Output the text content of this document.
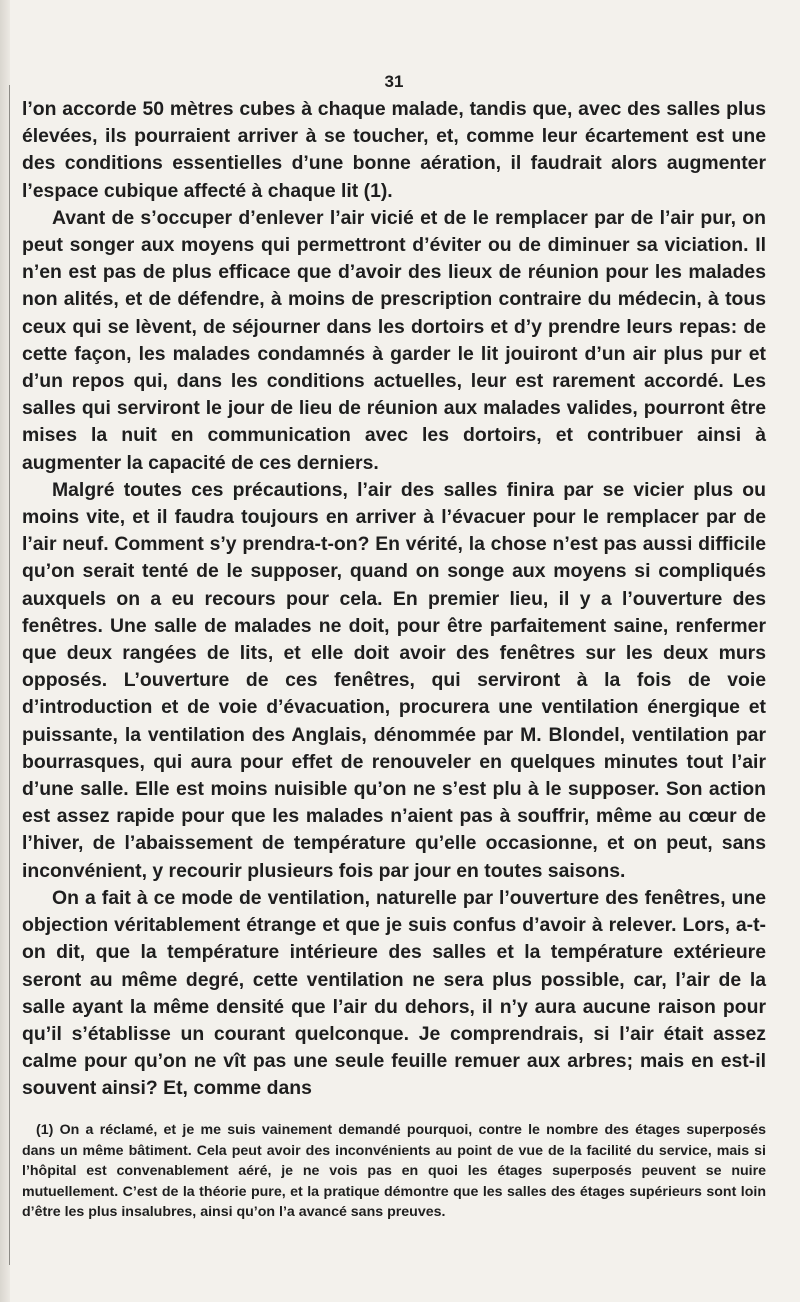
31

l’on accorde 50 mètres cubes à chaque malade, tandis que, avec des salles plus élevées, ils pourraient arriver à se toucher, et, comme leur écartement est une des conditions essentielles d’une bonne aération, il faudrait alors augmenter l’espace cubique affecté à chaque lit (1).

Avant de s’occuper d’enlever l’air vicié et de le remplacer par de l’air pur, on peut songer aux moyens qui permettront d’éviter ou de diminuer sa viciation. Il n’en est pas de plus efficace que d’avoir des lieux de réunion pour les malades non alités, et de défendre, à moins de prescription contraire du médecin, à tous ceux qui se lèvent, de séjourner dans les dortoirs et d’y prendre leurs repas: de cette façon, les malades condamnés à garder le lit jouiront d’un air plus pur et d’un repos qui, dans les conditions actuelles, leur est rarement accordé. Les salles qui serviront le jour de lieu de réunion aux malades valides, pourront être mises la nuit en communication avec les dortoirs, et contribuer ainsi à augmenter la capacité de ces derniers.

Malgré toutes ces précautions, l’air des salles finira par se vicier plus ou moins vite, et il faudra toujours en arriver à l’évacuer pour le remplacer par de l’air neuf. Comment s’y prendra-t-on? En vérité, la chose n’est pas aussi difficile qu’on serait tenté de le supposer, quand on songe aux moyens si compliqués auxquels on a eu recours pour cela. En premier lieu, il y a l’ouverture des fenêtres. Une salle de malades ne doit, pour être parfaitement saine, renfermer que deux rangées de lits, et elle doit avoir des fenêtres sur les deux murs opposés. L’ouverture de ces fenêtres, qui serviront à la fois de voie d’introduction et de voie d’évacuation, procurera une ventilation énergique et puissante, la ventilation des Anglais, dénommée par M. Blondel, ventilation par bourrasques, qui aura pour effet de renouveler en quelques minutes tout l’air d’une salle. Elle est moins nuisible qu’on ne s’est plu à le supposer. Son action est assez rapide pour que les malades n’aient pas à souffrir, même au cœur de l’hiver, de l’abaissement de température qu’elle occasionne, et on peut, sans inconvénient, y recourir plusieurs fois par jour en toutes saisons.

On a fait à ce mode de ventilation, naturelle par l’ouverture des fenêtres, une objection véritablement étrange et que je suis confus d’avoir à relever. Lors, a-t-on dit, que la température intérieure des salles et la température extérieure seront au même degré, cette ventilation ne sera plus possible, car, l’air de la salle ayant la même densité que l’air du dehors, il n’y aura aucune raison pour qu’il s’établisse un courant quelconque. Je comprendrais, si l’air était assez calme pour qu’on ne vît pas une seule feuille remuer aux arbres; mais en est-il souvent ainsi? Et, comme dans

(1) On a réclamé, et je me suis vainement demandé pourquoi, contre le nombre des étages superposés dans un même bâtiment. Cela peut avoir des inconvénients au point de vue de la facilité du service, mais si l’hôpital est convenablement aéré, je ne vois pas en quoi les étages superposés peuvent se nuire mutuellement. C’est de la théorie pure, et la pratique démontre que les salles des étages supérieurs sont loin d’être les plus insalubres, ainsi qu’on l’a avancé sans preuves.
